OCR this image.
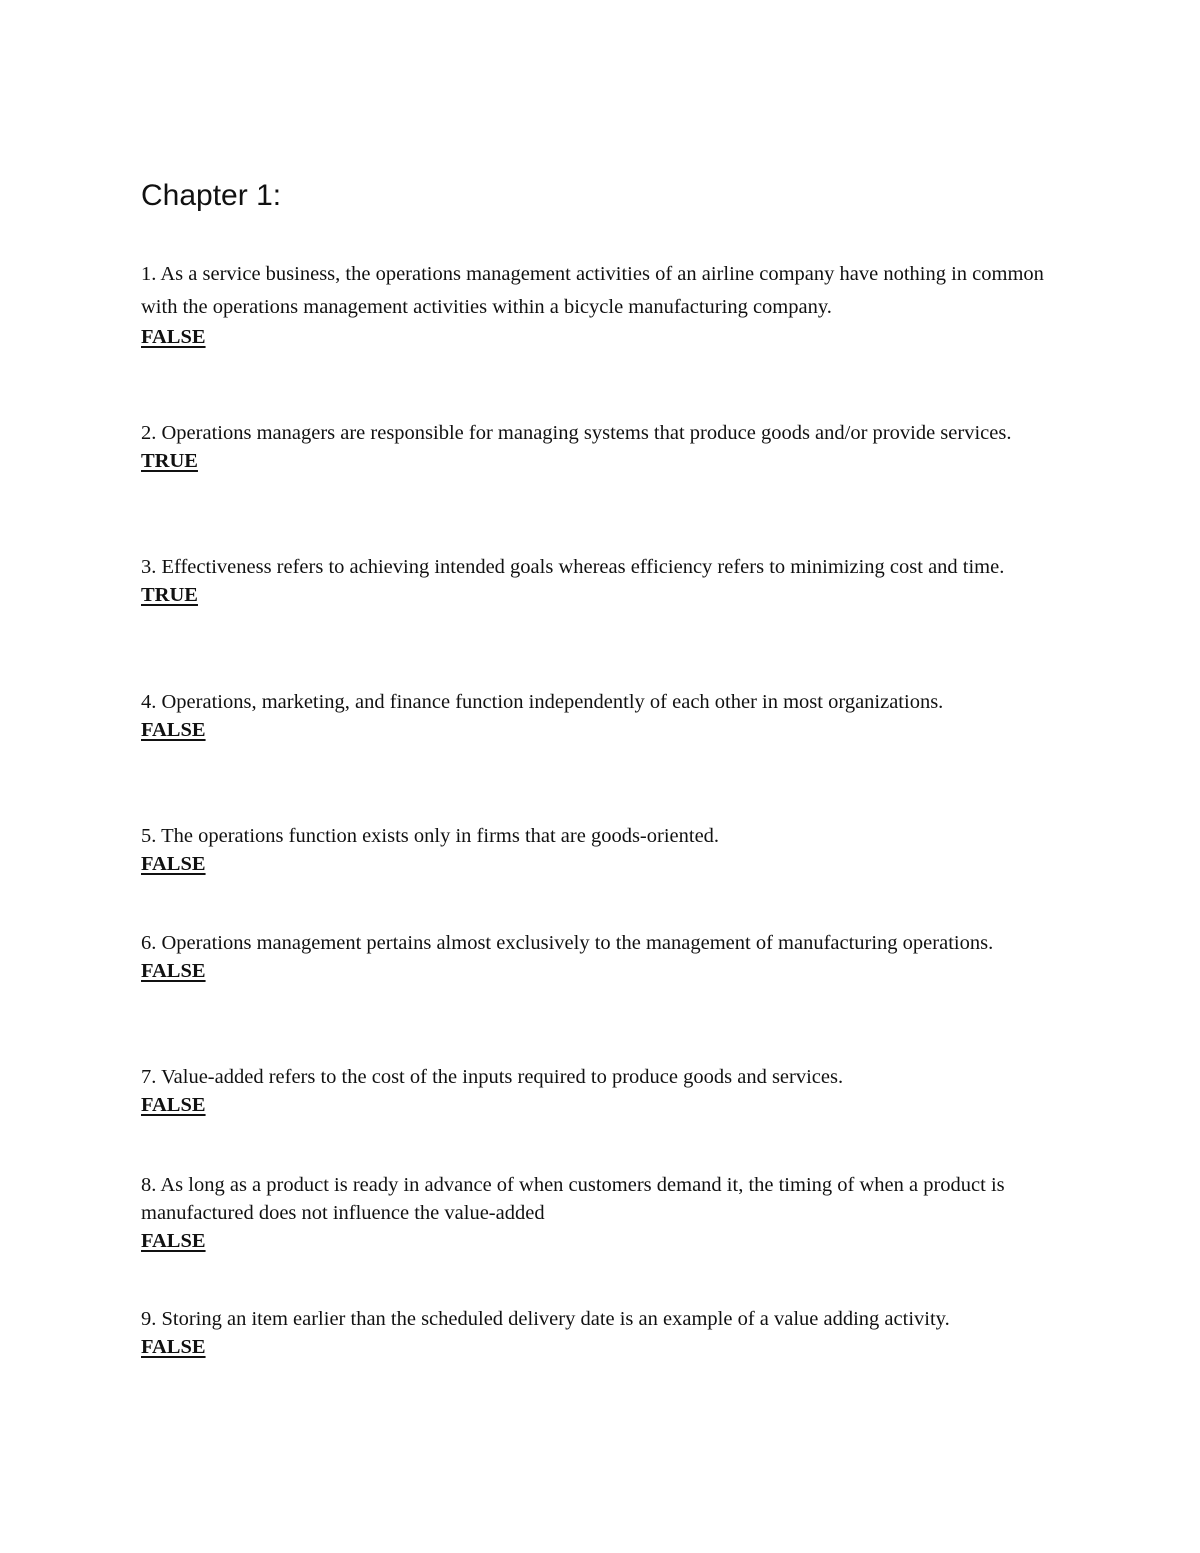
Chapter 1:

1. As a service business, the operations management activities of an airline company have nothing in common with the operations management activities within a bicycle manufacturing company.

FALSE

2. Operations managers are responsible for managing systems that produce goods and/or provide services.

TRUE

3. Effectiveness refers to achieving intended goals whereas efficiency refers to minimizing cost and time.

TRUE

4. Operations, marketing, and finance function independently of each other in most organizations.

FALSE

5. The operations function exists only in firms that are goods-oriented.

FALSE

6. Operations management pertains almost exclusively to the management of manufacturing operations.

FALSE

7. Value-added refers to the cost of the inputs required to produce goods and services.

FALSE

8. As long as a product is ready in advance of when customers demand it, the timing of when a product is manufactured does not influence the value-added

FALSE

9. Storing an item earlier than the scheduled delivery date is an example of a value adding activity.

FALSE
